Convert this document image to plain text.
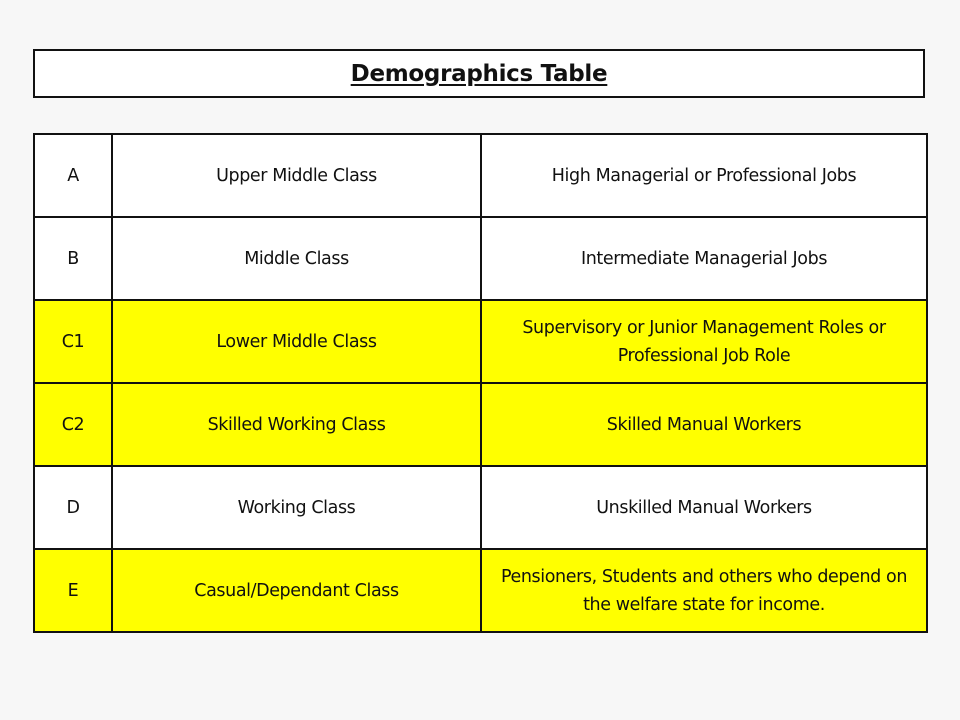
Demographics Table
A	Upper Middle Class	High Managerial or Professional Jobs
B	Middle Class	Intermediate Managerial Jobs
C1	Lower Middle Class	Supervisory or Junior Management Roles or Professional Job Role
C2	Skilled Working Class	Skilled Manual Workers
D	Working Class	Unskilled Manual Workers
E	Casual/Dependant Class	Pensioners, Students and others who depend on the welfare state for income.
